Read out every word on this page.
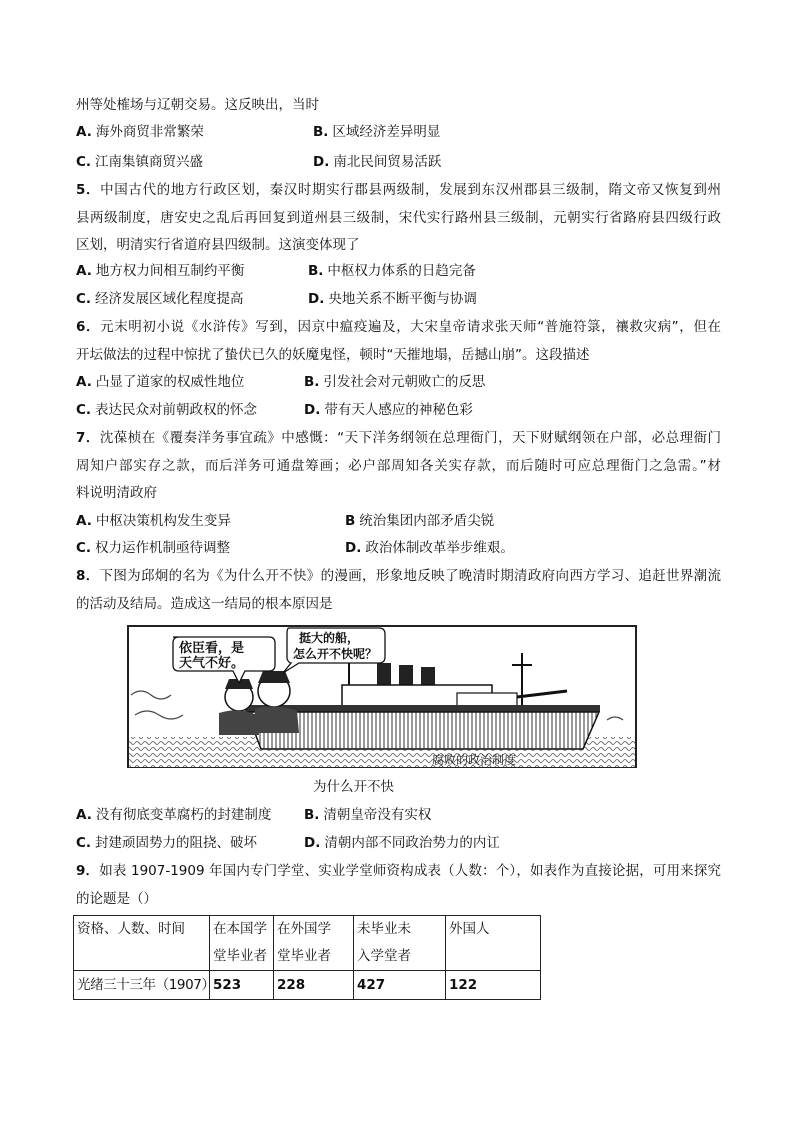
州等处榷场与辽朝交易。这反映出，当时
A. 海外商贸非常繁荣	B. 区域经济差异明显
C. 江南集镇商贸兴盛	D. 南北民间贸易活跃
5．中国古代的地方行政区划，秦汉时期实行郡县两级制，发展到东汉州郡县三级制，隋文帝又恢复到州
县两级制度，唐安史之乱后再回复到道州县三级制，宋代实行路州县三级制，元朝实行省路府县四级行政
区划，明清实行省道府县四级制。这演变体现了
A. 地方权力间相互制约平衡	B. 中枢权力体系的日趋完备
C. 经济发展区域化程度提高	D. 央地关系不断平衡与协调
6．元末明初小说《水浒传》写到，因京中瘟疫遍及，大宋皇帝请求张天师“普施符箓，禳救灾病”，但在
开坛做法的过程中惊扰了蛰伏已久的妖魔鬼怪，顿时“天摧地塌，岳撼山崩”。这段描述
A. 凸显了道家的权威性地位	B. 引发社会对元朝败亡的反思
C. 表达民众对前朝政权的怀念	D. 带有天人感应的神秘色彩
7．沈葆桢在《覆奏洋务事宜疏》中感慨：“天下洋务纲领在总理衙门，天下财赋纲领在户部，必总理衙门
周知户部实存之款，而后洋务可通盘筹画；必户部周知各关实存款，而后随时可应总理衙门之急需。”材
料说明清政府
A. 中枢决策机构发生变异	B 统治集团内部矛盾尖锐
C. 权力运作机制亟待调整	D. 政治体制改革举步维艰。
8．下图为邱炯的名为《为什么开不快》的漫画，形象地反映了晚清时期清政府向西方学习、追赶世界潮流
的活动及结局。造成这一结局的根本原因是
依臣看，是
天气不好。
挺大的船，
怎么开不快呢？
腐败的政治制度
为什么开不快
A. 没有彻底变革腐朽的封建制度 B. 清朝皇帝没有实权
C. 封建顽固势力的阻挠、破坏	D. 清朝内部不同政治势力的内讧
9．如表 1907-1909 年国内专门学堂、实业学堂师资构成表（人数：个），如表作为直接论据，可用来探究
的论题是（）
资格、人数、时间	在本国学堂毕业者	在外国学堂毕业者	未毕业未入学堂者	外国人
光绪三十三年（1907）	523	228	427	122
